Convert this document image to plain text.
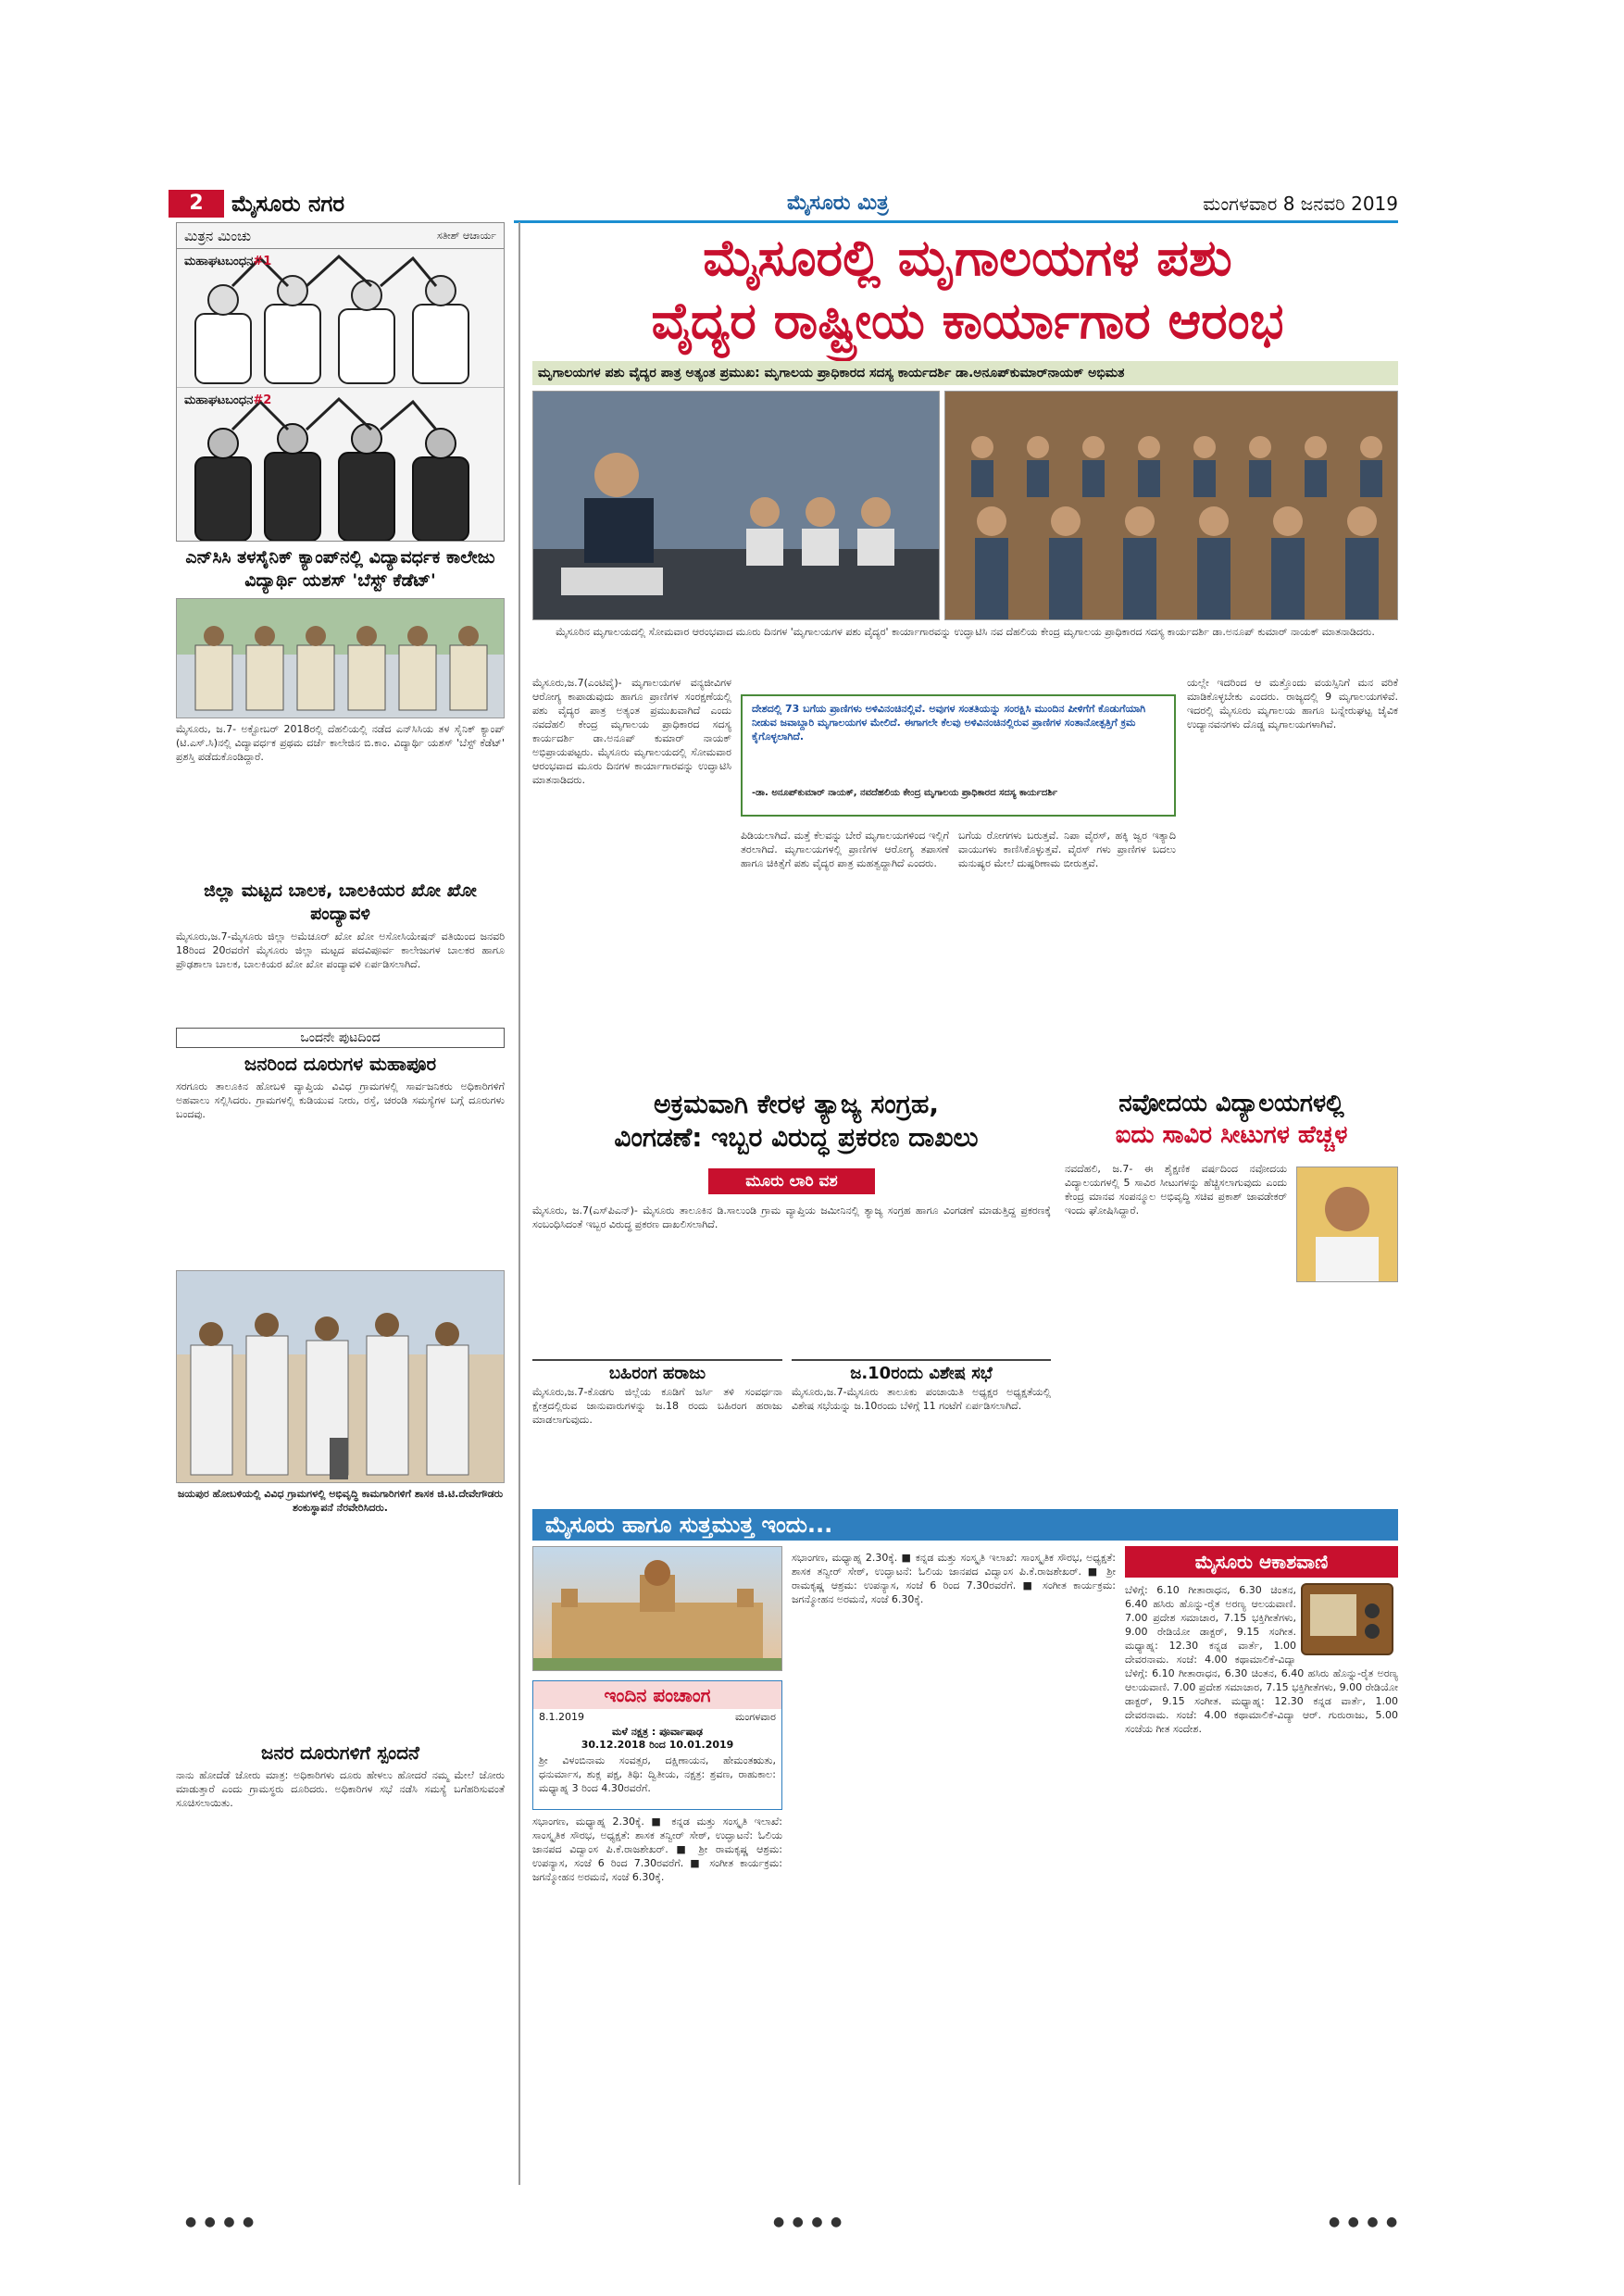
2	ಮೈಸೂರು ನಗರ	ಮೈಸೂರು ಮಿತ್ರ	ಮಂಗಳವಾರ 8 ಜನವರಿ 2019
ಮಿತ್ರನ ಮಿಂಚು	ಸತೀಶ್ ಆಚಾರ್ಯ
ಮಹಾಘಟಬಂಧನ#1
ಮಹಾಘಟಬಂಧನ#2
ಎನ್‌ಸಿಸಿ ತಳಸೈನಿಕ್ ಕ್ಯಾಂಪ್‌ನಲ್ಲಿ ವಿದ್ಯಾವರ್ಧಕ ಕಾಲೇಜು ವಿದ್ಯಾರ್ಥಿ ಯಶಸ್ 'ಬೆಸ್ಟ್ ಕೆಡೆಟ್'

ಮೈಸೂರು, ಜ.7- ಅಕ್ಟೋಬರ್ 2018ರಲ್ಲಿ ದೆಹಲಿಯಲ್ಲಿ ನಡೆದ ಎನ್‌ಸಿಸಿಯ ತಳ ಸೈನಿಕ್ ಕ್ಯಾಂಪ್ (ಟಿ.ಎಸ್.ಸಿ)ನಲ್ಲಿ ವಿದ್ಯಾವರ್ಧಕ ಪ್ರಥಮ ದರ್ಜೆ ಕಾಲೇಜಿನ ಬಿ.ಕಾಂ. ವಿದ್ಯಾರ್ಥಿ ಯಶಸ್ 'ಬೆಸ್ಟ್ ಕೆಡೆಟ್' ಪ್ರಶಸ್ತಿ ಪಡೆದುಕೊಂಡಿದ್ದಾರೆ.

ಜಿಲ್ಲಾ ಮಟ್ಟದ ಬಾಲಕ, ಬಾಲಕಿಯರ ಖೋ ಖೋ ಪಂದ್ಯಾವಳಿ

ಮೈಸೂರು,ಜ.7-ಮೈಸೂರು ಜಿಲ್ಲಾ ಅಮೆಚೂರ್ ಖೋ ಖೋ ಅಸೋಸಿಯೇಷನ್ ವತಿಯಿಂದ ಜನವರಿ 18ರಿಂದ 20ರವರೆಗೆ ಮೈಸೂರು ಜಿಲ್ಲಾ ಮಟ್ಟದ ಪದವಿಪೂರ್ವ ಕಾಲೇಜುಗಳ ಬಾಲಕರ ಹಾಗೂ ಪ್ರೌಢಶಾಲಾ ಬಾಲಕ, ಬಾಲಕಿಯರ ಖೋ ಖೋ ಪಂದ್ಯಾವಳಿ ಏರ್ಪಡಿಸಲಾಗಿದೆ.

ಒಂದನೇ ಪುಟದಿಂದ
ಜನರಿಂದ ದೂರುಗಳ ಮಹಾಪೂರ

ಸರಗೂರು ತಾಲೂಕಿನ ಹೋಬಳಿ ವ್ಯಾಪ್ತಿಯ ವಿವಿಧ ಗ್ರಾಮಗಳಲ್ಲಿ ಸಾರ್ವಜನಿಕರು ಅಧಿಕಾರಿಗಳಿಗೆ ಅಹವಾಲು ಸಲ್ಲಿಸಿದರು. ಗ್ರಾಮಗಳಲ್ಲಿ ಕುಡಿಯುವ ನೀರು, ರಸ್ತೆ, ಚರಂಡಿ ಸಮಸ್ಯೆಗಳ ಬಗ್ಗೆ ದೂರುಗಳು ಬಂದವು.

ಜಯಪುರ ಹೋಬಳಿಯಲ್ಲಿ ವಿವಿಧ ಗ್ರಾಮಗಳಲ್ಲಿ ಅಭಿವೃದ್ಧಿ ಕಾಮಗಾರಿಗಳಿಗೆ ಶಾಸಕ ಜಿ.ಟಿ.ದೇವೇಗೌಡರು ಶಂಕುಸ್ಥಾಪನೆ ನೆರವೇರಿಸಿದರು.

ಜನರ ದೂರುಗಳಿಗೆ ಸ್ಪಂದನೆ

ನಾನು ಹೋದೆಡೆ ಜೋರು ಮಾತ್ರ: ಅಧಿಕಾರಿಗಳು ದೂರು ಹೇಳಲು ಹೋದರೆ ನಮ್ಮ ಮೇಲೆ ಜೋರು ಮಾಡುತ್ತಾರೆ ಎಂದು ಗ್ರಾಮಸ್ಥರು ದೂರಿದರು. ಅಧಿಕಾರಿಗಳ ಸಭೆ ನಡೆಸಿ ಸಮಸ್ಯೆ ಬಗೆಹರಿಸುವಂತೆ ಸೂಚಿಸಲಾಯಿತು.

ಮೈಸೂರಲ್ಲಿ ಮೃಗಾಲಯಗಳ ಪಶು
ವೈದ್ಯರ ರಾಷ್ಟ್ರೀಯ ಕಾರ್ಯಾಗಾರ ಆರಂಭ
ಮೃಗಾಲಯಗಳ ಪಶು ವೈದ್ಯರ ಪಾತ್ರ ಅತ್ಯಂತ ಪ್ರಮುಖ: ಮೃಗಾಲಯ ಪ್ರಾಧಿಕಾರದ ಸದಸ್ಯ ಕಾರ್ಯದರ್ಶಿ ಡಾ.ಅನೂಪ್‌ಕುಮಾರ್‌ನಾಯಕ್ ಅಭಿಮತ
ಮೈಸೂರಿನ ಮೃಗಾಲಯದಲ್ಲಿ ಸೋಮವಾರ ಆರಂಭವಾದ ಮೂರು ದಿನಗಳ 'ಮೃಗಾಲಯಗಳ ಪಶು ವೈದ್ಯರ' ಕಾರ್ಯಾಗಾರವನ್ನು ಉದ್ಘಾಟಿಸಿ ನವ ದೆಹಲಿಯ ಕೇಂದ್ರ ಮೃಗಾಲಯ ಪ್ರಾಧಿಕಾರದ ಸದಸ್ಯ ಕಾರ್ಯದರ್ಶಿ ಡಾ.ಅನೂಪ್ ಕುಮಾರ್ ನಾಯಕ್ ಮಾತನಾಡಿದರು.
ಮೈಸೂರು,ಜ.7(ಎಂಟಿವೈ)- ಮೃಗಾಲಯಗಳ ವನ್ಯಜೀವಿಗಳ ಆರೋಗ್ಯ ಕಾಪಾಡುವುದು ಹಾಗೂ ಪ್ರಾಣಿಗಳ ಸಂರಕ್ಷಣೆಯಲ್ಲಿ ಪಶು ವೈದ್ಯರ ಪಾತ್ರ ಅತ್ಯಂತ ಪ್ರಮುಖವಾಗಿದೆ ಎಂದು ನವದೆಹಲಿ ಕೇಂದ್ರ ಮೃಗಾಲಯ ಪ್ರಾಧಿಕಾರದ ಸದಸ್ಯ ಕಾರ್ಯದರ್ಶಿ ಡಾ.ಅನೂಪ್ ಕುಮಾರ್ ನಾಯಕ್ ಅಭಿಪ್ರಾಯಪಟ್ಟರು. ಮೈಸೂರು ಮೃಗಾಲಯದಲ್ಲಿ ಸೋಮವಾರ ಆರಂಭವಾದ ಮೂರು ದಿನಗಳ ಕಾರ್ಯಾಗಾರವನ್ನು ಉದ್ಘಾಟಿಸಿ ಮಾತನಾಡಿದರು.
ದೇಶದಲ್ಲಿ 73 ಬಗೆಯ ಪ್ರಾಣಿಗಳು ಅಳಿವಿನಂಚಿನಲ್ಲಿವೆ. ಅವುಗಳ ಸಂತತಿಯನ್ನು ಸಂರಕ್ಷಿಸಿ ಮುಂದಿನ ಪೀಳಿಗೆಗೆ ಕೊಡುಗೆಯಾಗಿ ನೀಡುವ ಜವಾಬ್ದಾರಿ ಮೃಗಾಲಯಗಳ ಮೇಲಿದೆ. ಈಗಾಗಲೇ ಕೆಲವು ಅಳಿವಿನಂಚಿನಲ್ಲಿರುವ ಪ್ರಾಣಿಗಳ ಸಂತಾನೋತ್ಪತ್ತಿಗೆ ಕ್ರಮ ಕೈಗೊಳ್ಳಲಾಗಿದೆ.
-ಡಾ. ಅನೂಪ್‌ಕುಮಾರ್ ನಾಯಕ್, ನವದೆಹಲಿಯ ಕೇಂದ್ರ ಮೃಗಾಲಯ ಪ್ರಾಧಿಕಾರದ ಸದಸ್ಯ ಕಾರ್ಯದರ್ಶಿ
ಪಿಡಿಯಲಾಗಿದೆ. ಮತ್ತೆ ಕೆಲವನ್ನು ಬೇರೆ ಮೃಗಾಲಯಗಳಿಂದ ಇಲ್ಲಿಗೆ ತರಲಾಗಿದೆ. ಮೃಗಾಲಯಗಳಲ್ಲಿ ಪ್ರಾಣಿಗಳ ಆರೋಗ್ಯ ತಪಾಸಣೆ ಹಾಗೂ ಚಿಕಿತ್ಸೆಗೆ ಪಶು ವೈದ್ಯರ ಪಾತ್ರ ಮಹತ್ವದ್ದಾಗಿದೆ ಎಂದರು.
ಬಗೆಯ ರೋಗಗಳು ಬರುತ್ತವೆ. ನಿಪಾ ವೈರಸ್, ಹಕ್ಕಿ ಜ್ವರ ಇತ್ಯಾದಿ ವಾಯುಗಳು ಕಾಣಿಸಿಕೊಳ್ಳುತ್ತವೆ. ವೈರಸ್ ಗಳು ಪ್ರಾಣಿಗಳ ಬದಲು ಮನುಷ್ಯರ ಮೇಲೆ ದುಷ್ಪರಿಣಾಮ ಬೀರುತ್ತವೆ.
ಯಲ್ಲೇ ಇದರಿಂದ ಆ ಮತ್ತೊಂದು ವಯಸ್ಸಿನಿಗೆ ಮನ ವರಿಕೆ ಮಾಡಿಕೊಳ್ಳಬೇಕು ಎಂದರು. ರಾಜ್ಯದಲ್ಲಿ 9 ಮೃಗಾಲಯಗಳಿವೆ. ಇದರಲ್ಲಿ ಮೈಸೂರು ಮೃಗಾಲಯ ಹಾಗೂ ಬನ್ನೇರುಘಟ್ಟ ಜೈವಿಕ ಉದ್ಯಾನವನಗಳು ದೊಡ್ಡ ಮೃಗಾಲಯಗಳಾಗಿವೆ.
ಅಕ್ರಮವಾಗಿ ಕೇರಳ ತ್ಯಾಜ್ಯ ಸಂಗ್ರಹ,
ವಿಂಗಡಣೆ: ಇಬ್ಬರ ವಿರುದ್ಧ ಪ್ರಕರಣ ದಾಖಲು
ಮೂರು ಲಾರಿ ವಶ
ಮೈಸೂರು, ಜ.7(ಎಸ್‌ಪಿಎನ್)- ಮೈಸೂರು ತಾಲೂಕಿನ ಡಿ.ಸಾಲುಂಡಿ ಗ್ರಾಮ ವ್ಯಾಪ್ತಿಯ ಜಮೀನಿನಲ್ಲಿ ತ್ಯಾಜ್ಯ ಸಂಗ್ರಹ ಹಾಗೂ ವಿಂಗಡಣೆ ಮಾಡುತ್ತಿದ್ದ ಪ್ರಕರಣಕ್ಕೆ ಸಂಬಂಧಿಸಿದಂತೆ ಇಬ್ಬರ ವಿರುದ್ಧ ಪ್ರಕರಣ ದಾಖಲಿಸಲಾಗಿದೆ.
ಬಹಿರಂಗ ಹರಾಜು
ಮೈಸೂರು,ಜ.7-ಕೊಡಗು ಜಿಲ್ಲೆಯ ಕೂಡಿಗೆ ಜರ್ಸಿ ತಳಿ ಸಂವರ್ಧನಾ ಕ್ಷೇತ್ರದಲ್ಲಿರುವ ಜಾನುವಾರುಗಳನ್ನು ಜ.18 ರಂದು ಬಹಿರಂಗ ಹರಾಜು ಮಾಡಲಾಗುವುದು.
ಜ.10ರಂದು ವಿಶೇಷ ಸಭೆ
ಮೈಸೂರು,ಜ.7-ಮೈಸೂರು ತಾಲೂಕು ಪಂಚಾಯಿತಿ ಅಧ್ಯಕ್ಷರ ಅಧ್ಯಕ್ಷತೆಯಲ್ಲಿ ವಿಶೇಷ ಸಭೆಯನ್ನು ಜ.10ರಂದು ಬೆಳಿಗ್ಗೆ 11 ಗಂಟೆಗೆ ಏರ್ಪಡಿಸಲಾಗಿದೆ.
ನವೋದಯ ವಿದ್ಯಾಲಯಗಳಲ್ಲಿ
ಐದು ಸಾವಿರ ಸೀಟುಗಳ ಹೆಚ್ಚಳ
ನವದೆಹಲಿ, ಜ.7- ಈ ಶೈಕ್ಷಣಿಕ ವರ್ಷದಿಂದ ನವೋದಯ ವಿದ್ಯಾಲಯಗಳಲ್ಲಿ 5 ಸಾವಿರ ಸೀಟುಗಳನ್ನು ಹೆಚ್ಚಿಸಲಾಗುವುದು ಎಂದು ಕೇಂದ್ರ ಮಾನವ ಸಂಪನ್ಮೂಲ ಅಭಿವೃದ್ಧಿ ಸಚಿವ ಪ್ರಕಾಶ್ ಜಾವಡೇಕರ್ ಇಂದು ಘೋಷಿಸಿದ್ದಾರೆ.
ಮೈಸೂರು ಹಾಗೂ ಸುತ್ತಮುತ್ತ ಇಂದು...
ಇಂದಿನ ಪಂಚಾಂಗ
8.1.2019	ಮಂಗಳವಾರ
ಮಳೆ ನಕ್ಷತ್ರ : ಪೂರ್ವಾಷಾಢ
30.12.2018 ರಿಂದ 10.01.2019
ಶ್ರೀ ವಿಳಂಬಿನಾಮ ಸಂವತ್ಸರ, ದಕ್ಷಿಣಾಯನ, ಹೇಮಂತಋತು, ಧನುರ್ಮಾಸ, ಶುಕ್ಲ ಪಕ್ಷ, ತಿಥಿ: ದ್ವಿತೀಯ, ನಕ್ಷತ್ರ: ಶ್ರವಣ, ರಾಹುಕಾಲ: ಮಧ್ಯಾಹ್ನ 3 ರಿಂದ 4.30ರವರೆಗೆ.
ಸಭಾಂಗಣ, ಮಧ್ಯಾಹ್ನ 2.30ಕ್ಕೆ. ■ ಕನ್ನಡ ಮತ್ತು ಸಂಸ್ಕೃತಿ ಇಲಾಖೆ: ಸಾಂಸ್ಕೃತಿಕ ಸೌರಭ, ಅಧ್ಯಕ್ಷತೆ: ಶಾಸಕ ತನ್ವೀರ್ ಸೇಠ್, ಉದ್ಘಾಟನೆ: ಓಲಿಯ ಜಾನಪದ ವಿದ್ವಾಂಸ ಪಿ.ಕೆ.ರಾಜಶೇಖರ್. ■ ಶ್ರೀ ರಾಮಕೃಷ್ಣ ಆಶ್ರಮ: ಉಪನ್ಯಾಸ, ಸಂಜೆ 6 ರಿಂದ 7.30ರವರೆಗೆ. ■ ಸಂಗೀತ ಕಾರ್ಯಕ್ರಮ: ಜಗನ್ಮೋಹನ ಅರಮನೆ, ಸಂಜೆ 6.30ಕ್ಕೆ.
ಸಭಾಂಗಣ, ಮಧ್ಯಾಹ್ನ 2.30ಕ್ಕೆ. ■ ಕನ್ನಡ ಮತ್ತು ಸಂಸ್ಕೃತಿ ಇಲಾಖೆ: ಸಾಂಸ್ಕೃತಿಕ ಸೌರಭ, ಅಧ್ಯಕ್ಷತೆ: ಶಾಸಕ ತನ್ವೀರ್ ಸೇಠ್, ಉದ್ಘಾಟನೆ: ಓಲಿಯ ಜಾನಪದ ವಿದ್ವಾಂಸ ಪಿ.ಕೆ.ರಾಜಶೇಖರ್. ■ ಶ್ರೀ ರಾಮಕೃಷ್ಣ ಆಶ್ರಮ: ಉಪನ್ಯಾಸ, ಸಂಜೆ 6 ರಿಂದ 7.30ರವರೆಗೆ. ■ ಸಂಗೀತ ಕಾರ್ಯಕ್ರಮ: ಜಗನ್ಮೋಹನ ಅರಮನೆ, ಸಂಜೆ 6.30ಕ್ಕೆ.
ಮೈಸೂರು ಆಕಾಶವಾಣಿ
ಬೆಳಿಗ್ಗೆ: 6.10 ಗೀತಾರಾಧನ, 6.30 ಚಿಂತನ, 6.40 ಹಸಿರು ಹೊನ್ನು-ರೈತ ಅರಣ್ಯ ಆಲಯವಾಣಿ. 7.00 ಪ್ರದೇಶ ಸಮಾಚಾರ, 7.15 ಭಕ್ತಿಗೀತೆಗಳು, 9.00 ರೇಡಿಯೋ ಡಾಕ್ಟರ್, 9.15 ಸಂಗೀತ. ಮಧ್ಯಾಹ್ನ: 12.30 ಕನ್ನಡ ವಾರ್ತೆ, 1.00 ದೇವರನಾಮ. ಸಂಜೆ: 4.00 ಕಥಾಮಾಲಿಕೆ-ವಿದ್ಯಾ
ಬೆಳಿಗ್ಗೆ: 6.10 ಗೀತಾರಾಧನ, 6.30 ಚಿಂತನ, 6.40 ಹಸಿರು ಹೊನ್ನು-ರೈತ ಅರಣ್ಯ ಆಲಯವಾಣಿ. 7.00 ಪ್ರದೇಶ ಸಮಾಚಾರ, 7.15 ಭಕ್ತಿಗೀತೆಗಳು, 9.00 ರೇಡಿಯೋ ಡಾಕ್ಟರ್, 9.15 ಸಂಗೀತ. ಮಧ್ಯಾಹ್ನ: 12.30 ಕನ್ನಡ ವಾರ್ತೆ, 1.00 ದೇವರನಾಮ. ಸಂಜೆ: 4.00 ಕಥಾಮಾಲಿಕೆ-ವಿದ್ಯಾ ಆರ್. ಗುರುರಾಜು, 5.00 ಸಂಜೆಯ ಗೀತ ಸಂದೇಶ.
● ● ● ●	● ● ● ●	● ● ● ●
